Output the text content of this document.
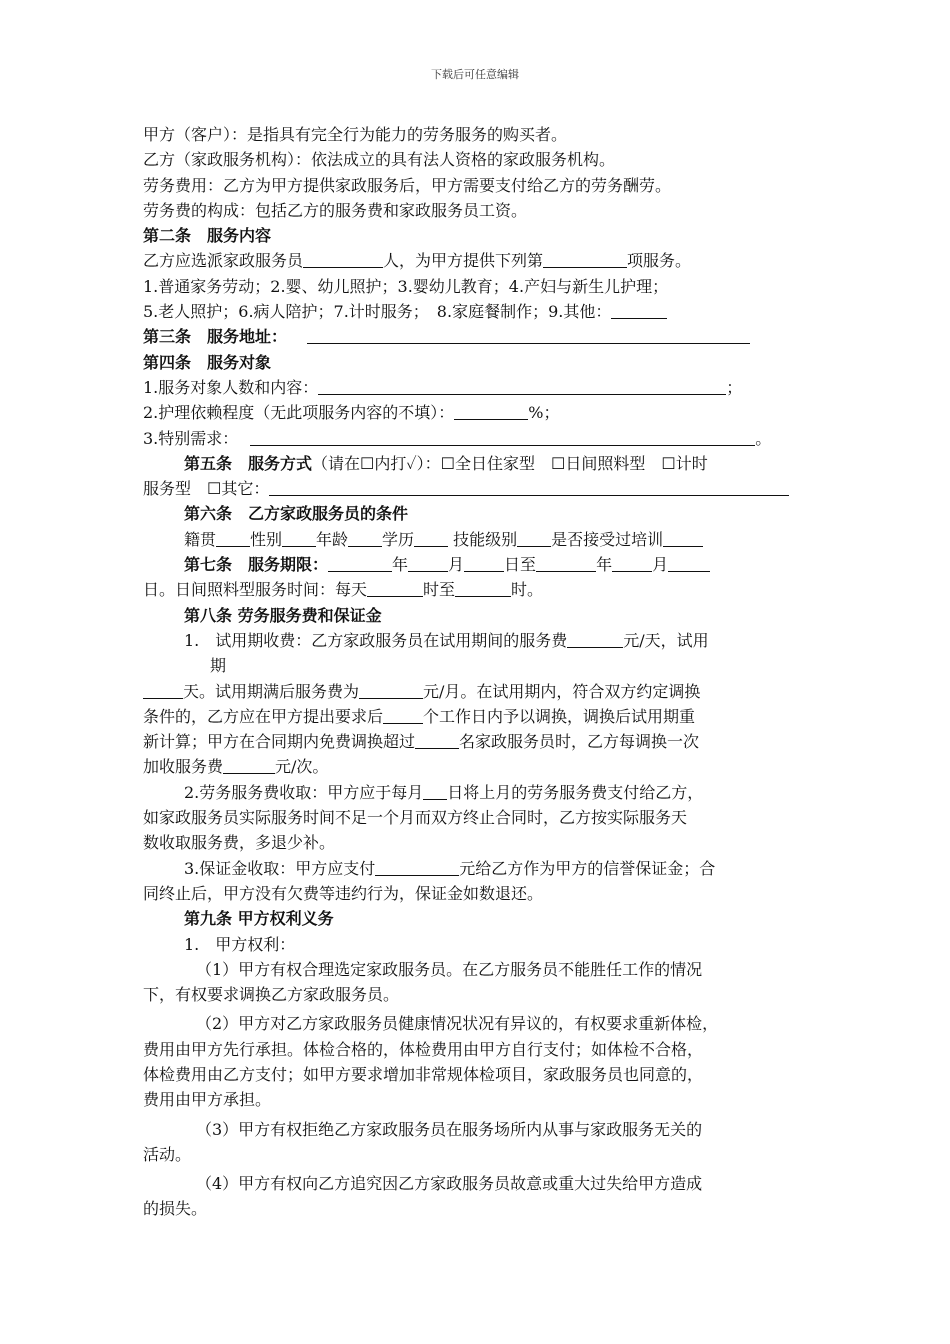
下载后可任意编辑
甲方（客户）：是指具有完全行为能力的劳务服务的购买者。
乙方（家政服务机构）：依法成立的具有法人资格的家政服务机构。
劳务费用：乙方为甲方提供家政服务后，甲方需要支付给乙方的劳务酬劳。
劳务费的构成：包括乙方的服务费和家政服务员工资。
第二条　服务内容
乙方应选派家政服务员	人，为甲方提供下列第	项服务。
1.普通家务劳动；2.婴、幼儿照护；3.婴幼儿教育；4.产妇与新生儿护理；
5.老人照护；6.病人陪护；7.计时服务；　8.家庭餐制作；9.其他：
第三条　服务地址：
第四条　服务对象
1.服务对象人数和内容：	；
2.护理依赖程度（无此项服务内容的不填）：	%；
3.特别需求：	。
第五条　服务方式（请在☐内打✓）：☐全日住家型　☐日间照料型　☐计时
服务型　☐其它：
第六条　乙方家政服务员的条件
籍贯 性别 年龄 学历 技能级别 是否接受过培训
第七条　服务期限：	年	月	日至	年	月
日。日间照料型服务时间：每天	时至	时。
第八条 劳务服务费和保证金
1.　试用期收费：乙方家政服务员在试用期间的服务费	元/天，试用
期
天。试用期满后服务费为	元/月。在试用期内，符合双方约定调换
条件的，乙方应在甲方提出要求后	个工作日内予以调换，调换后试用期重
新计算；甲方在合同期内免费调换超过	名家政服务员时，乙方每调换一次
加收服务费	元/次。
2.劳务服务费收取：甲方应于每月 日将上月的劳务服务费支付给乙方，
如家政服务员实际服务时间不足一个月而双方终止合同时，乙方按实际服务天
数收取服务费，多退少补。
3.保证金收取：甲方应支付	元给乙方作为甲方的信誉保证金；合
同终止后，甲方没有欠费等违约行为，保证金如数退还。
第九条 甲方权利义务
1.　甲方权利：
（1）甲方有权合理选定家政服务员。在乙方服务员不能胜任工作的情况
下，有权要求调换乙方家政服务员。
（2）甲方对乙方家政服务员健康情况状况有异议的，有权要求重新体检，
费用由甲方先行承担。体检合格的，体检费用由甲方自行支付；如体检不合格，
体检费用由乙方支付；如甲方要求增加非常规体检项目，家政服务员也同意的，
费用由甲方承担。
（3）甲方有权拒绝乙方家政服务员在服务场所内从事与家政服务无关的
活动。
（4）甲方有权向乙方追究因乙方家政服务员故意或重大过失给甲方造成
的损失。
